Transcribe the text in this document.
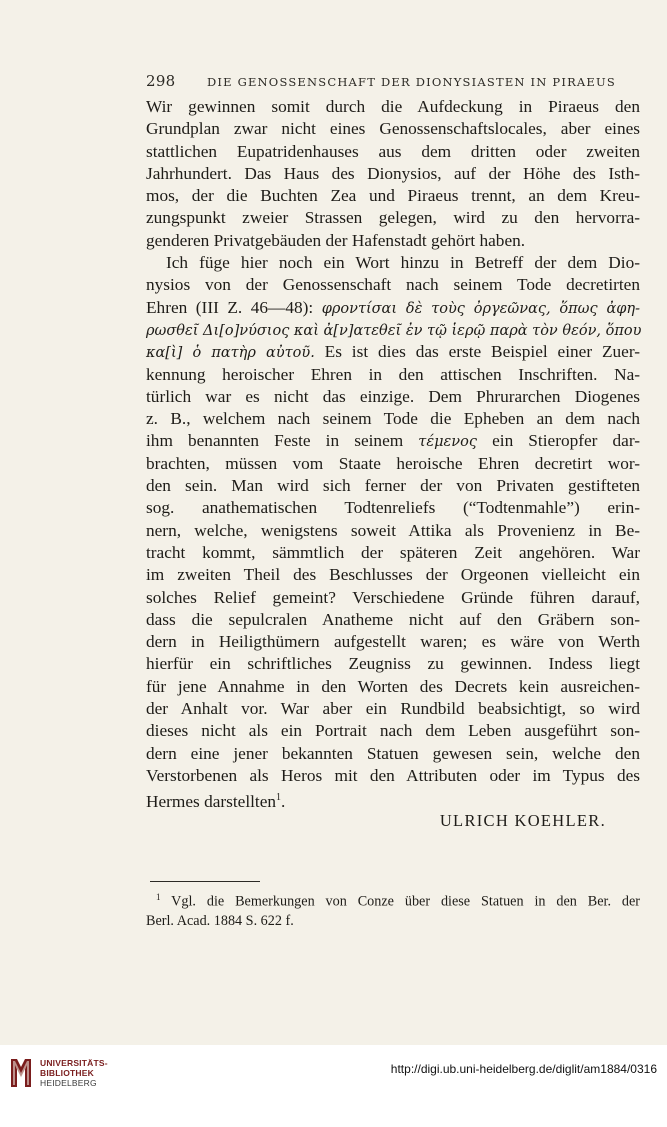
298	DIE GENOSSENSCHAFT DER DIONYSIASTEN IN PIRAEUS
Wir gewinnen somit durch die Aufdeckung in Piraeus den
Grundplan zwar nicht eines Genossenschaftslocales, aber eines
stattlichen Eupatridenhauses aus dem dritten oder zweiten
Jahrhundert. Das Haus des Dionysios, auf der Höhe des Isth-
mos, der die Buchten Zea und Piraeus trennt, an dem Kreu-
zungspunkt zweier Strassen gelegen, wird zu den hervorra-
genderen Privatgebäuden der Hafenstadt gehört haben.
Ich füge hier noch ein Wort hinzu in Betreff der dem Dio-
nysios von der Genossenschaft nach seinem Tode decretirten
Ehren (III Z. 46—48): φροντίσαι δὲ τοὺς ὀργεῶνας, ὅπως ἀφη-
ρωσθεῖ Δι[ο]νύσιος καὶ ἀ[ν]ατεθεῖ ἐν τῷ ἱερῷ παρὰ τὸν θεόν, ὅπου
κα[ὶ] ὁ πατὴρ αὐτοῦ. Es ist dies das erste Beispiel einer Zuer-
kennung heroischer Ehren in den attischen Inschriften. Na-
türlich war es nicht das einzige. Dem Phrurarchen Diogenes
z. B., welchem nach seinem Tode die Epheben an dem nach
ihm benannten Feste in seinem τέμενος ein Stieropfer dar-
brachten, müssen vom Staate heroische Ehren decretirt wor-
den sein. Man wird sich ferner der von Privaten gestifteten
sog. anathematischen Todtenreliefs (“Todtenmahle”) erin-
nern, welche, wenigstens soweit Attika als Provenienz in Be-
tracht kommt, sämmtlich der späteren Zeit angehören. War
im zweiten Theil des Beschlusses der Orgeonen vielleicht ein
solches Relief gemeint? Verschiedene Gründe führen darauf,
dass die sepulcralen Anatheme nicht auf den Gräbern son-
dern in Heiligthümern aufgestellt waren; es wäre von Werth
hierfür ein schriftliches Zeugniss zu gewinnen. Indess liegt
für jene Annahme in den Worten des Decrets kein ausreichen-
der Anhalt vor. War aber ein Rundbild beabsichtigt, so wird
dieses nicht als ein Portrait nach dem Leben ausgeführt son-
dern eine jener bekannten Statuen gewesen sein, welche den
Verstorbenen als Heros mit den Attributen oder im Typus des
Hermes darstellten$^1$.
ULRICH KOEHLER.
$^1$ Vgl. die Bemerkungen von Conze über diese Statuen in den Ber. der
Berl. Acad. 1884 S. 622 f.
UNIVERSITÄTS-
BIBLIOTHEK
HEIDELBERG
http://digi.ub.uni-heidelberg.de/diglit/am1884/0316
